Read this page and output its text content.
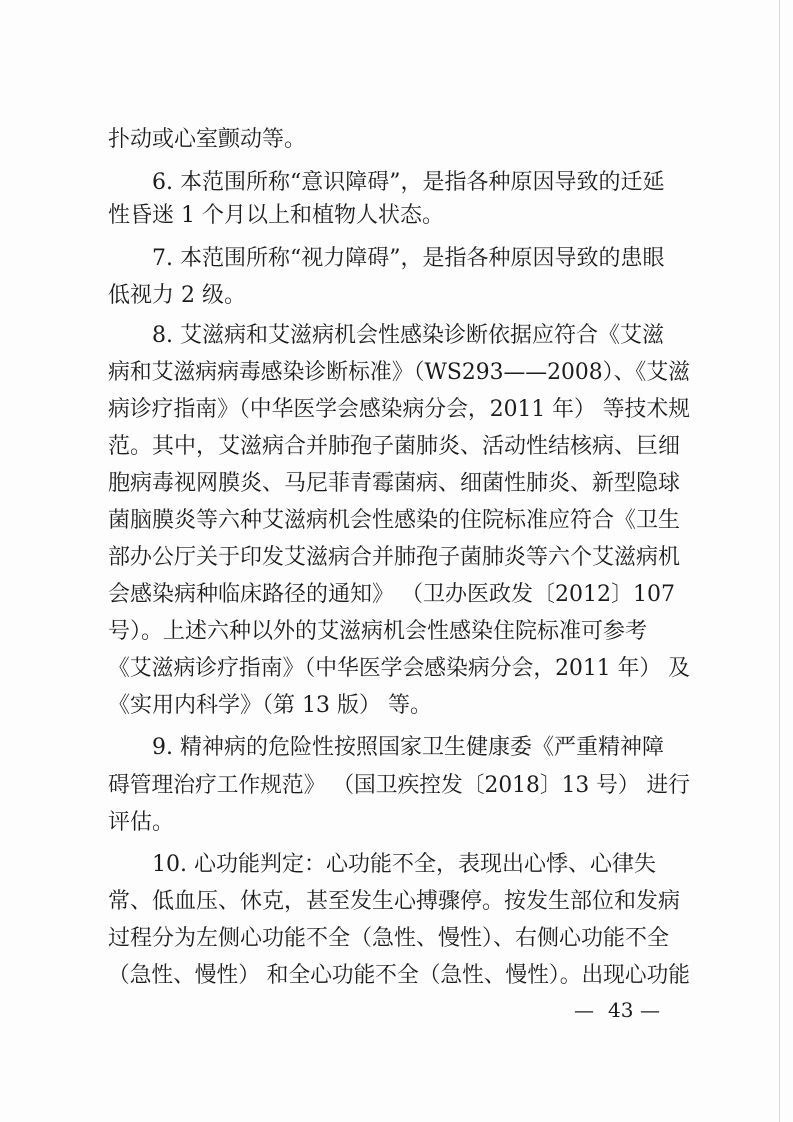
扑动或心室颤动等。
6. 本范围所称“意识障碍”，是指各种原因导致的迁延
性昏迷 1 个月以上和植物人状态。
7. 本范围所称“视力障碍”，是指各种原因导致的患眼
低视力 2 级。
8. 艾滋病和艾滋病机会性感染诊断依据应符合《艾滋
病和艾滋病病毒感染诊断标准》（WS293——2008）、《艾滋
病诊疗指南》（中华医学会感染病分会，2011 年） 等技术规
范。其中，艾滋病合并肺孢子菌肺炎、活动性结核病、巨细
胞病毒视网膜炎、马尼菲青霉菌病、细菌性肺炎、新型隐球
菌脑膜炎等六种艾滋病机会性感染的住院标准应符合《卫生
部办公厅关于印发艾滋病合并肺孢子菌肺炎等六个艾滋病机
会感染病种临床路径的通知》 （卫办医政发〔2012〕107
号）。上述六种以外的艾滋病机会性感染住院标准可参考
《艾滋病诊疗指南》（中华医学会感染病分会，2011 年） 及
《实用内科学》（第 13 版） 等。
9. 精神病的危险性按照国家卫生健康委《严重精神障
碍管理治疗工作规范》 （国卫疾控发〔2018〕13 号） 进行
评估。
10. 心功能判定：心功能不全，表现出心悸、心律失
常、低血压、休克，甚至发生心搏骤停。按发生部位和发病
过程分为左侧心功能不全（急性、慢性）、右侧心功能不全
（急性、慢性） 和全心功能不全（急性、慢性）。出现心功能
— 43 —
